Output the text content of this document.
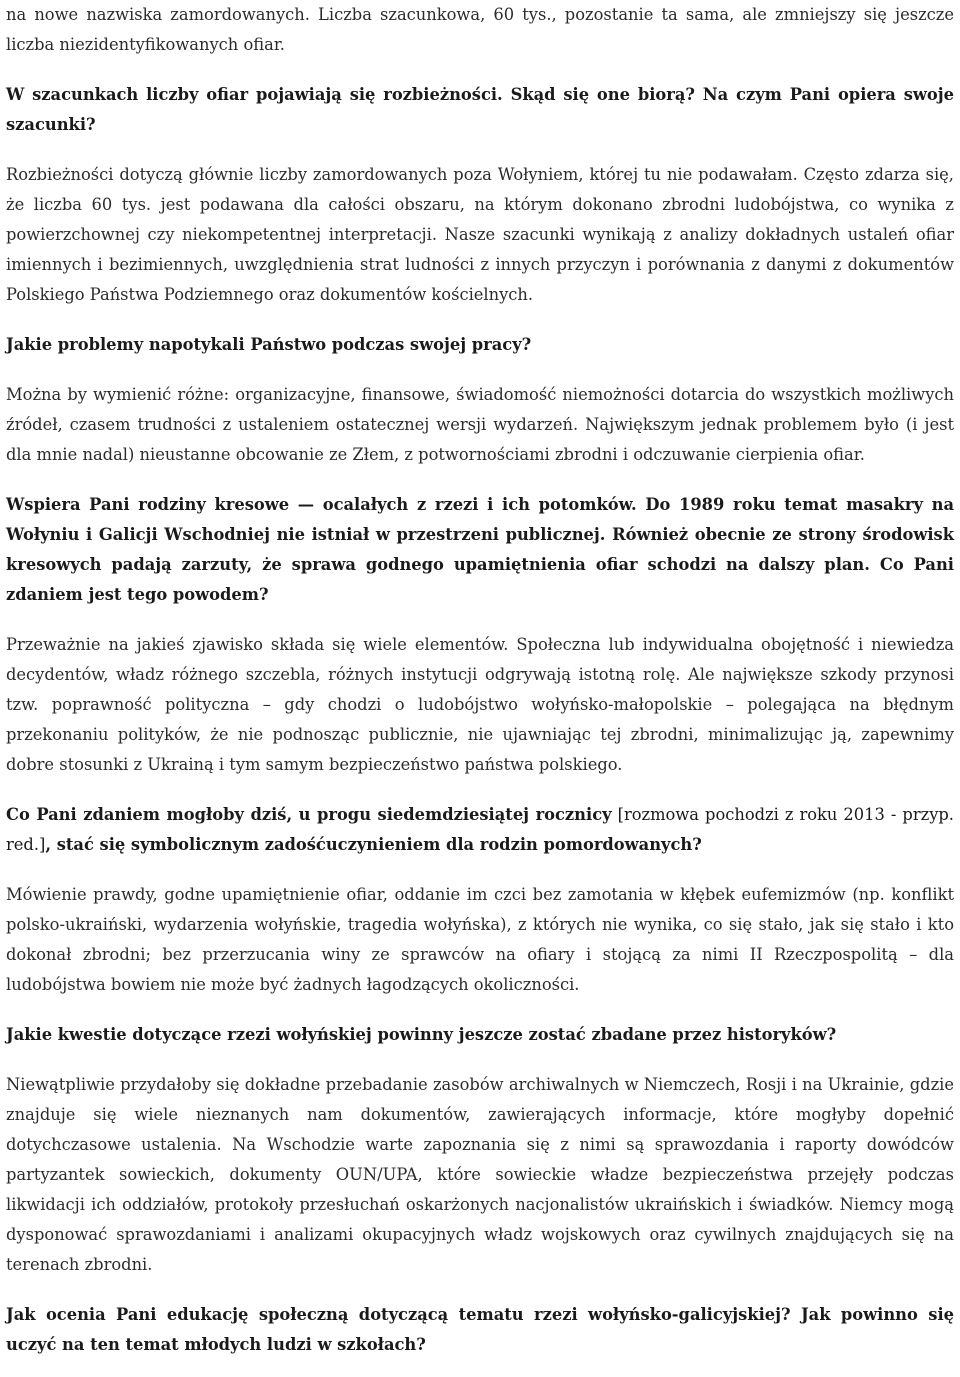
na nowe nazwiska zamordowanych. Liczba szacunkowa, 60 tys., pozostanie ta sama, ale zmniejszy się jeszcze liczba niezidentyfikowanych ofiar.

W szacunkach liczby ofiar pojawiają się rozbieżności. Skąd się one biorą? Na czym Pani opiera swoje szacunki?

Rozbieżności dotyczą głównie liczby zamordowanych poza Wołyniem, której tu nie podawałam. Często zdarza się, że liczba 60 tys. jest podawana dla całości obszaru, na którym dokonano zbrodni ludobójstwa, co wynika z powierzchownej czy niekompetentnej interpretacji. Nasze szacunki wynikają z analizy dokładnych ustaleń ofiar imiennych i bezimiennych, uwzględnienia strat ludności z innych przyczyn i porównania z danymi z dokumentów Polskiego Państwa Podziemnego oraz dokumentów kościelnych.

Jakie problemy napotykali Państwo podczas swojej pracy?

Można by wymienić różne: organizacyjne, finansowe, świadomość niemożności dotarcia do wszystkich możliwych źródeł, czasem trudności z ustaleniem ostatecznej wersji wydarzeń. Największym jednak problemem było (i jest dla mnie nadal) nieustanne obcowanie ze Złem, z potwornościami zbrodni i odczuwanie cierpienia ofiar.

Wspiera Pani rodziny kresowe — ocalałych z rzezi i ich potomków. Do 1989 roku temat masakry na Wołyniu i Galicji Wschodniej nie istniał w przestrzeni publicznej. Również obecnie ze strony środowisk kresowych padają zarzuty, że sprawa godnego upamiętnienia ofiar schodzi na dalszy plan. Co Pani zdaniem jest tego powodem?

Przeważnie na jakieś zjawisko składa się wiele elementów. Społeczna lub indywidualna obojętność i niewiedza decydentów, władz różnego szczebla, różnych instytucji odgrywają istotną rolę. Ale największe szkody przynosi tzw. poprawność polityczna – gdy chodzi o ludobójstwo wołyńsko-małopolskie – polegająca na błędnym przekonaniu polityków, że nie podnosząc publicznie, nie ujawniając tej zbrodni, minimalizując ją, zapewnimy dobre stosunki z Ukrainą i tym samym bezpieczeństwo państwa polskiego.

Co Pani zdaniem mogłoby dziś, u progu siedemdziesiątej rocznicy [rozmowa pochodzi z roku 2013 - przyp. red.], stać się symbolicznym zadośćuczynieniem dla rodzin pomordowanych?

Mówienie prawdy, godne upamiętnienie ofiar, oddanie im czci bez zamotania w kłębek eufemizmów (np. konflikt polsko-ukraiński, wydarzenia wołyńskie, tragedia wołyńska), z których nie wynika, co się stało, jak się stało i kto dokonał zbrodni; bez przerzucania winy ze sprawców na ofiary i stojącą za nimi II Rzeczpospolitą – dla ludobójstwa bowiem nie może być żadnych łagodzących okoliczności.

Jakie kwestie dotyczące rzezi wołyńskiej powinny jeszcze zostać zbadane przez historyków?

Niewątpliwie przydałoby się dokładne przebadanie zasobów archiwalnych w Niemczech, Rosji i na Ukrainie, gdzie znajduje się wiele nieznanych nam dokumentów, zawierających informacje, które mogłyby dopełnić dotychczasowe ustalenia. Na Wschodzie warte zapoznania się z nimi są sprawozdania i raporty dowódców partyzantek sowieckich, dokumenty OUN/UPA, które sowieckie władze bezpieczeństwa przejęły podczas likwidacji ich oddziałów, protokoły przesłuchań oskarżonych nacjonalistów ukraińskich i świadków. Niemcy mogą dysponować sprawozdaniami i analizami okupacyjnych władz wojskowych oraz cywilnych znajdujących się na terenach zbrodni.

Jak ocenia Pani edukację społeczną dotyczącą tematu rzezi wołyńsko-galicyjskiej? Jak powinno się uczyć na ten temat młodych ludzi w szkołach?
